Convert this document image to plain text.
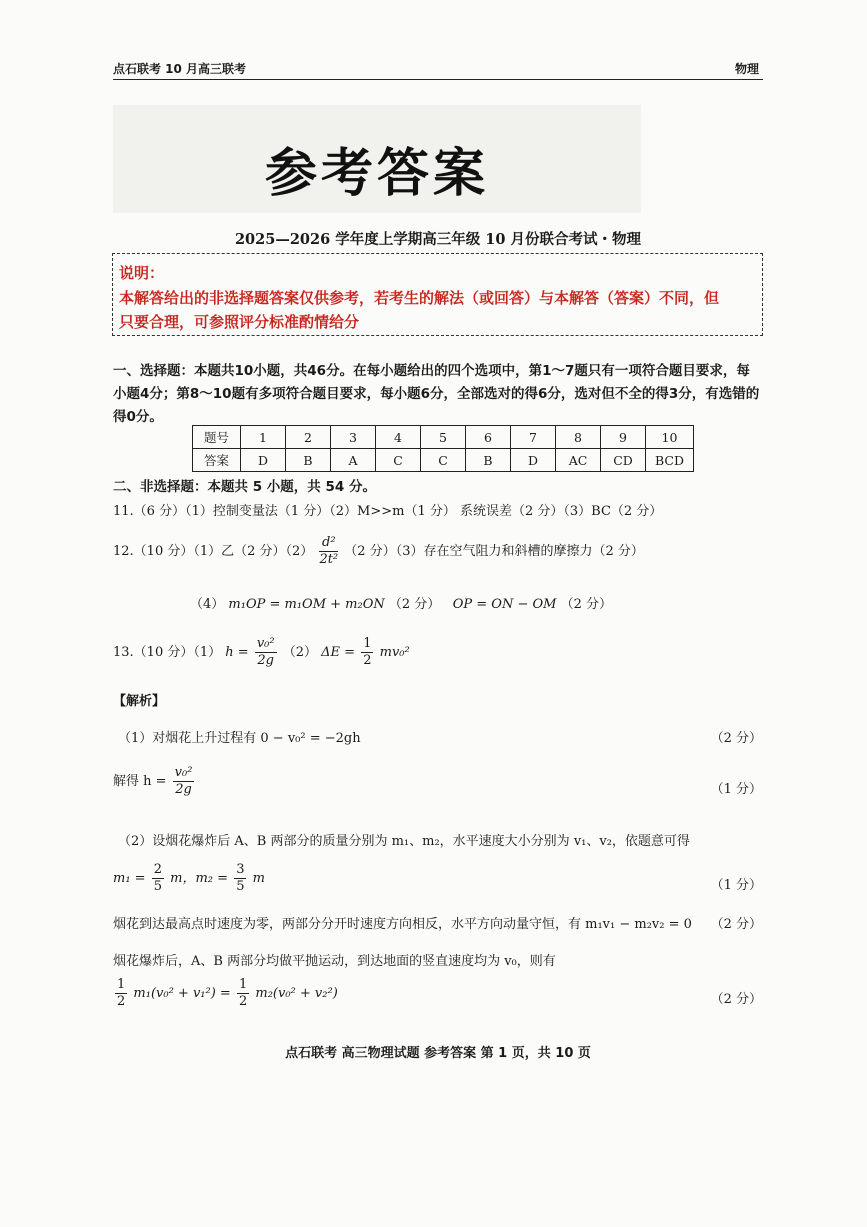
点石联考 10 月高三联考	物理
参考答案
2025—2026 学年度上学期高三年级 10 月份联合考试・物理
说明：
本解答给出的非选择题答案仅供参考，若考生的解法（或回答）与本解答（答案）不同，但
只要合理，可参照评分标准酌情给分
一、选择题：本题共10小题，共46分。在每小题给出的四个选项中，第1～7题只有一项符合题目要求，每
小题4分；第8～10题有多项符合题目要求，每小题6分，全部选对的得6分，选对但不全的得3分，有选错的
得0分。
题号	1	2	3	4	5	6	7	8	9	10
答案	D	B	A	C	C	B	D	AC	CD	BCD
二、非选择题：本题共 5 小题，共 54 分。
11.（6 分）（1）控制变量法（1 分）（2）M>>m（1 分） 系统误差（2 分）（3）BC（2 分）
12.（10 分）（1）乙（2 分）$(2) \frac{\text{d²}}{\text{2t²}} (2$ 分）（3）存在空气阻力和斜槽的摩擦力（2 分）
（4） m₁OP = m₁OM + m₂ON （2 分） OP = ON − OM （2 分）
13.（10 分）（1） $h = \frac{\text{v₀²}}{2g} (2) \Delta E = \frac{1}{2} mv_0^2$
【解析】
（1）对烟花上升过程有 0 − v₀² = −2gh	（2 分）
解得 $h = \frac{\text{v₀²}}{2g}$	（1 分）
（2）设烟花爆炸后 A、B 两部分的质量分别为 m₁、m₂，水平速度大小分别为 v₁、v₂，依题意可得
$m_1 = \frac{2}{5}$ m，$m_2 = \frac{3}{5}$ m	（1 分）
烟花到达最高点时速度为零，两部分分开时速度方向相反，水平方向动量守恒，有 m₁v₁ − m₂v₂ = 0 （2 分）
烟花爆炸后，A、B 两部分均做平抛运动，到达地面的竖直速度均为 v₀，则有
$\frac{1}{2} m_1(v_0^2 + v_1^2) = \frac{1}{2} m_2(v_0^2 + v_2^2)$	（2 分）
点石联考 高三物理试题 参考答案 第 1 页，共 10 页
